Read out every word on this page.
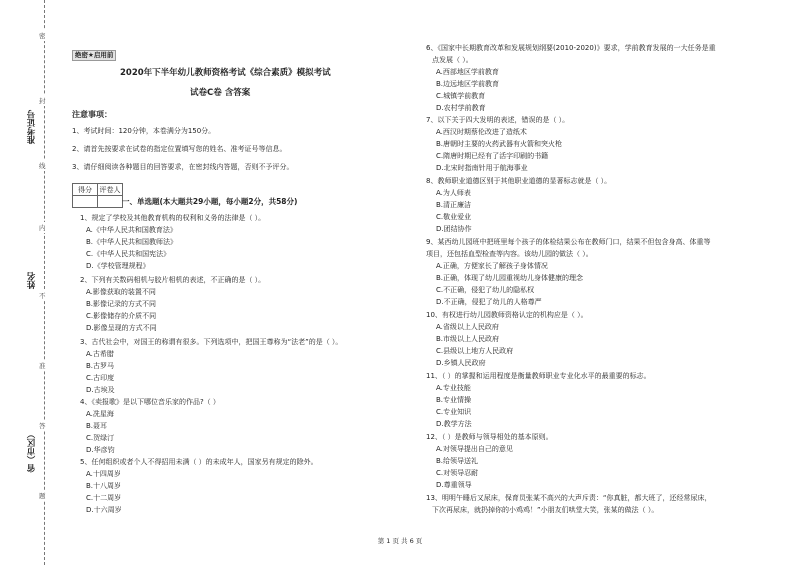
准考证号
姓名
省（市区）
密
封
线
内
不
准
答
题
绝密★启用前
2020年下半年幼儿教师资格考试《综合素质》模拟考试
试卷C卷 含答案
注意事项：
1、考试时间：120分钟，本卷满分为150分。
2、请首先按要求在试卷的指定位置填写您的姓名、准考证号等信息。
3、请仔细阅读各种题目的回答要求，在密封线内答题，否则不予评分。
得分	评卷人

一、单选题(本大题共29小题，每小题2分，共58分)
1、规定了学校及其他教育机构的权利和义务的法律是（ ）。
A.《中华人民共和国教育法》
B.《中华人民共和国教师法》
C.《中华人民共和国宪法》
D.《学校管理规程》
2、下列有关数码相机与胶片相机的表述，不正确的是（ ）。
A.影像获取的装置不同
B.影像记录的方式不同
C.影像储存的介质不同
D.影像呈现的方式不同
3、古代社会中，对国王的称谓有很多。下列选项中，把国王尊称为“法老”的是（ ）。
A.古希腊
B.古罗马
C.古印度
D.古埃及
4、《卖报歌》是以下哪位音乐家的作品?（ ）
A.冼星海
B.聂耳
C.贺绿汀
D.华彦钧
5、任何组织或者个人不得招用未满（ ）的未成年人，国家另有规定的除外。
A.十四周岁
B.十八周岁
C.十二周岁
D.十六周岁
6、《国家中长期教育改革和发展规划纲要(2010-2020)》要求，学前教育发展的一大任务是重
点发展（ ）。
A.西部地区学前教育
B.边远地区学前教育
C.城镇学前教育
D.农村学前教育
7、以下关于四大发明的表述，错误的是（ ）。
A.西汉时期蔡伦改进了造纸术
B.唐朝时主要的火药武器有火箭和突火枪
C.隋唐时期已经有了活字印刷的书籍
D.北宋时指南针用于航海事业
8、教师职业道德区别于其他职业道德的显著标志就是（ ）。
A.为人师表
B.清正廉洁
C.敬业爱业
D.团结协作
9、某西幼儿园班中把班里每个孩子的体检结果公布在教师门口，结果不但包含身高、体重等
项目，还包括血型检查等内容。该幼儿园的做法（ ）。
A.正确，方便家长了解孩子身体情况
B.正确，体现了幼儿园重视幼儿身体健康的理念
C.不正确，侵犯了幼儿的隐私权
D.不正确，侵犯了幼儿的人格尊严
10、有权进行幼儿园教师资格认定的机构应是（ ）。
A.省级以上人民政府
B.市级以上人民政府
C.县级以上地方人民政府
D.乡镇人民政府
11、（ ）的掌握和运用程度是衡量教师职业专业化水平的最重要的标志。
A.专业技能
B.专业情操
C.专业知识
D.教学方法
12、（ ）是教师与领导相处的基本原则。
A.对领导提出自己的意见
B.给领导送礼
C.对领导忍耐
D.尊重领导
13、明明午睡后又尿床，保育员张某不高兴的大声斥责：“你真脏，都大班了，还经常尿床，
下次再尿床，就扔掉你的小鸡鸡！”小朋友们哄堂大笑，张某的做法（ ）。
第 1 页 共 6 页
